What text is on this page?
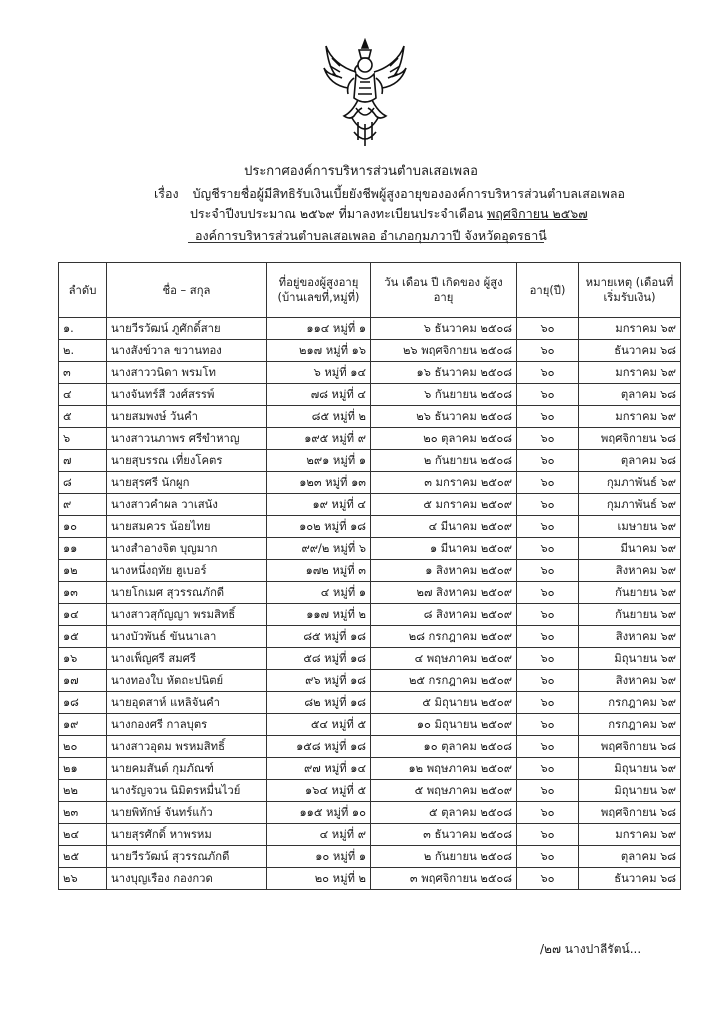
ประกาศองค์การบริหารส่วนตำบลเสอเพลอ
เรื่อง บัญชีรายชื่อผู้มีสิทธิรับเงินเบี้ยยังชีพผู้สูงอายุขององค์การบริหารส่วนตำบลเสอเพลอ
ประจำปีงบประมาณ ๒๕๖๙ ที่มาลงทะเบียนประจำเดือน พฤศจิกายน ๒๕๖๗
องค์การบริหารส่วนตำบลเสอเพลอ อำเภอกุมภวาปี จังหวัดอุดรธานี
ลำดับ	ชื่อ – สกุล	ที่อยู่ของผู้สูงอายุ (บ้านเลขที่,หมู่ที่)	วัน เดือน ปี เกิดของ ผู้สูงอายุ	อายุ(ปี)	หมายเหตุ (เดือนที่เริ่มรับเงิน)
๑.	นายวีรวัฒน์ ภูศักดิ์สาย	๑๑๔ หมู่ที่ ๑	๖ ธันวาคม ๒๕๐๘	๖๐	มกราคม ๖๙
๒.	นางสังข์วาล ขวานทอง	๒๑๗ หมู่ที่ ๑๖	๒๖ พฤศจิกายน ๒๕๐๘	๖๐	ธันวาคม ๖๘
๓	นางสาววนิดา พรมโท	๖ หมู่ที่ ๑๔	๑๖ ธันวาคม ๒๕๐๘	๖๐	มกราคม ๖๙
๔	นางจันทร์สี วงศ์สรรพ์	๗๘ หมู่ที่ ๔	๖ กันยายน ๒๕๐๘	๖๐	ตุลาคม ๖๘
๕	นายสมพงษ์ วันคำ	๘๕ หมู่ที่ ๒	๒๖ ธันวาคม ๒๕๐๘	๖๐	มกราคม ๖๙
๖	นางสาวนภาพร ศรีขำหาญ	๑๙๕ หมู่ที่ ๙	๒๐ ตุลาคม ๒๕๐๘	๖๐	พฤศจิกายน ๖๘
๗	นายสุบรรณ เที่ยงโคตร	๒๙๑ หมู่ที่ ๑	๒ กันยายน ๒๕๐๘	๖๐	ตุลาคม ๖๘
๘	นายสุรศรี นักผูก	๑๒๓ หมู่ที่ ๑๓	๓ มกราคม ๒๕๐๙	๖๐	กุมภาพันธ์ ๖๙
๙	นางสาวคำผล วาเสนัง	๑๙ หมู่ที่ ๔	๕ มกราคม ๒๕๐๙	๖๐	กุมภาพันธ์ ๖๙
๑๐	นายสมควร น้อยไทย	๑๐๒ หมู่ที่ ๑๘	๔ มีนาคม ๒๕๐๙	๖๐	เมษายน ๖๙
๑๑	นางสำอางจิต บุญมาก	๙๙/๒ หมู่ที่ ๖	๑ มีนาคม ๒๕๐๙	๖๐	มีนาคม ๖๙
๑๒	นางหนึ่งฤทัย ฮูเบอร์	๑๗๒ หมู่ที่ ๓	๑ สิงหาคม ๒๕๐๙	๖๐	สิงหาคม ๖๙
๑๓	นายโกเมศ สุวรรณภักดี	๔ หมู่ที่ ๑	๒๗ สิงหาคม ๒๕๐๙	๖๐	กันยายน ๖๙
๑๔	นางสาวสุกัญญา พรมสิทธิ์	๑๑๗ หมู่ที่ ๒	๘ สิงหาคม ๒๕๐๙	๖๐	กันยายน ๖๙
๑๕	นางบัวพันธ์ ขันนาเลา	๘๕ หมู่ที่ ๑๘	๒๘ กรกฎาคม ๒๕๐๙	๖๐	สิงหาคม ๖๙
๑๖	นางเพ็ญศรี สมศรี	๕๘ หมู่ที่ ๑๘	๔ พฤษภาคม ๒๕๐๙	๖๐	มิถุนายน ๖๙
๑๗	นางทองใบ หัตถะปนิตย์	๙๖ หมู่ที่ ๑๘	๒๕ กรกฎาคม ๒๕๐๙	๖๐	สิงหาคม ๖๙
๑๘	นายอุดสาห์ แหลิจันคำ	๘๒ หมู่ที่ ๑๘	๕ มิถุนายน ๒๕๐๙	๖๐	กรกฎาคม ๖๙
๑๙	นางกองศรี กาลบุตร	๕๔ หมู่ที่ ๕	๑๐ มิถุนายน ๒๕๐๙	๖๐	กรกฎาคม ๖๙
๒๐	นางสาวอุดม พรหมสิทธิ์	๑๕๘ หมู่ที่ ๑๘	๑๐ ตุลาคม ๒๕๐๘	๖๐	พฤศจิกายน ๖๘
๒๑	นายคมสันต์ กุมภัณฑ์	๙๗ หมู่ที่ ๑๔	๑๒ พฤษภาคม ๒๕๐๙	๖๐	มิถุนายน ๖๙
๒๒	นางรัญจวน นิมิตรหมื่นไวย์	๑๖๔ หมู่ที่ ๕	๕ พฤษภาคม ๒๕๐๙	๖๐	มิถุนายน ๖๙
๒๓	นายพิทักษ์ จันทร์แก้ว	๑๑๕ หมู่ที่ ๑๐	๕ ตุลาคม ๒๕๐๘	๖๐	พฤศจิกายน ๖๘
๒๔	นายสุรศักดิ์ หาพรหม	๔ หมู่ที่ ๙	๓ ธันวาคม ๒๕๐๘	๖๐	มกราคม ๖๙
๒๕	นายวีรวัฒน์ สุวรรณภักดี	๑๐ หมู่ที่ ๑	๒ กันยายน ๒๕๐๘	๖๐	ตุลาคม ๖๘
๒๖	นางบุญเรือง กองกวด	๒๐ หมู่ที่ ๒	๓ พฤศจิกายน ๒๕๐๘	๖๐	ธันวาคม ๖๘
/๒๗ นางปาลีรัตน์...
